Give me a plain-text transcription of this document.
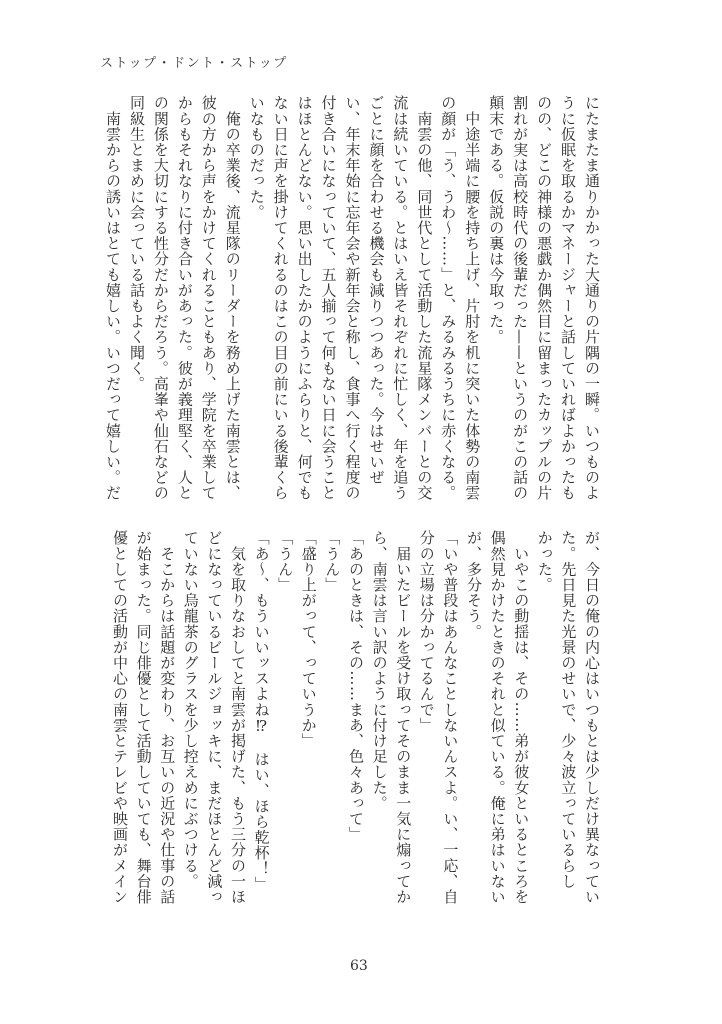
ストップ・ドント・ストップ
にたまたま通りかかった大通りの片隅の一瞬。いつものよ
うに仮眠を取るかマネージャーと話していればよかったも
のの、どこの神様の悪戯か偶然目に留まったカップルの片
割れが実は高校時代の後輩だった——というのがこの話の
顛末である。仮説の裏は今取った。
　中途半端に腰を持ち上げ、片肘を机に突いた体勢の南雲
の顔が「う、うわ〜……」と、みるみるうちに赤くなる。
　南雲の他、同世代として活動した流星隊メンバーとの交
流は続いている。とはいえ皆それぞれに忙しく、年を追う
ごとに顔を合わせる機会も減りつつあった。今はせいぜ
い、年末年始に忘年会や新年会と称し、食事へ行く程度の
付き合いになっていて、五人揃って何もない日に会うこと
はほとんどない。思い出したかのようにふらりと、何でも
ない日に声を掛けてくれるのはこの目の前にいる後輩くら
いなものだった。
　俺の卒業後、流星隊のリーダーを務め上げた南雲とは、
彼の方から声をかけてくれることもあり、学院を卒業して
からもそれなりに付き合いがあった。彼が義理堅く、人と
の関係を大切にする性分だからだろう。高峯や仙石などの
同級生とまめに会っている話もよく聞く。
　南雲からの誘いはとても嬉しい。いつだって嬉しい。だ
が、今日の俺の内心はいつもとは少しだけ異なってい
た。先日見た光景のせいで、少々波立っているらし
かった。
　いやこの動揺は、その……弟が彼女といるところを
偶然見かけたときのそれと似ている。俺に弟はいない
が、多分そう。
「いや普段はあんなことしないんスよ。い、一応、自
分の立場は分かってるんで」
　届いたビールを受け取ってそのまま一気に煽ってか
ら、南雲は言い訳のように付け足した。
「あのときは、その……まあ、色々あって」
「うん」
「盛り上がって、っていうか」
「うん」
「あ〜、もういいッスよね⁉　はい、ほら乾杯！」
　気を取りなおしてと南雲が掲げた、もう三分の一ほ
どになっているビールジョッキに、まだほとんど減っ
ていない烏龍茶のグラスを少し控えめにぶつける。
　そこからは話題が変わり、お互いの近況や仕事の話
が始まった。同じ俳優として活動していても、舞台俳
優としての活動が中心の南雲とテレビや映画がメイン
63
